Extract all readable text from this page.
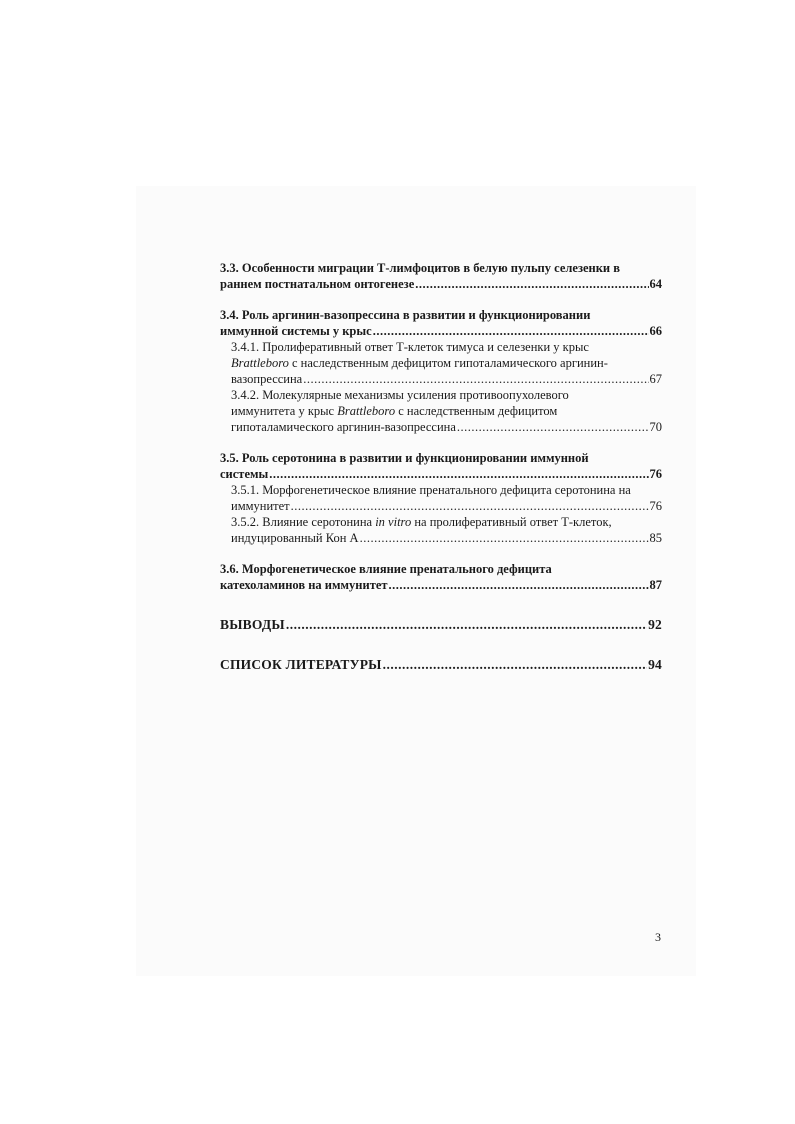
3.3. Особенности миграции Т-лимфоцитов в белую пульпу селезенки в
раннем постнатальном онтогенезе .....	64
3.4. Роль аргинин-вазопрессина в развитии и функционировании
иммунной системы у крыс .....	66
3.4.1. Пролиферативный ответ Т-клеток тимуса и селезенки у крыс
Brattleboro с наследственным дефицитом гипоталамического аргинин-
вазопрессина .....	67
3.4.2. Молекулярные механизмы усиления противоопухолевого
иммунитета у крыс Brattleboro с наследственным дефицитом
гипоталамического аргинин-вазопрессина .....	70
3.5. Роль серотонина в развитии и функционировании иммунной
системы .....	76
3.5.1. Морфогенетическое влияние пренатального дефицита серотонина на
иммунитет .....	76
3.5.2. Влияние серотонина in vitro на пролиферативный ответ Т-клеток,
индуцированный Кон А .....	85
3.6. Морфогенетическое влияние пренатального дефицита
катехоламинов на иммунитет .....	87
ВЫВОДЫ .....	92
СПИСОК ЛИТЕРАТУРЫ .....	94
3
